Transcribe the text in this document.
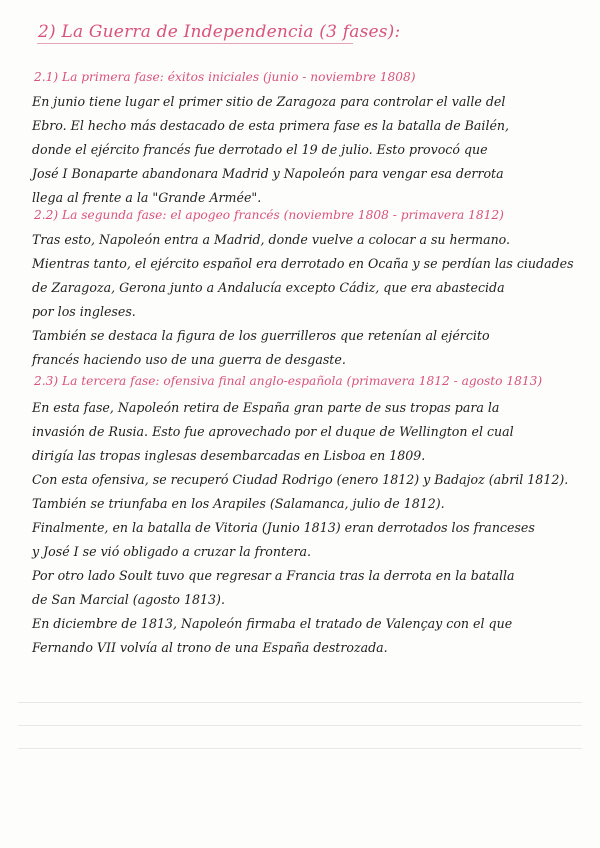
2) La Guerra de Independencia (3 fases):
2.1) La primera fase: éxitos iniciales (junio - noviembre 1808)
En junio tiene lugar el primer sitio de Zaragoza para controlar el valle del
Ebro. El hecho más destacado de esta primera fase es la batalla de Bailén,
donde el ejército francés fue derrotado el 19 de julio. Esto provocó que
José I Bonaparte abandonara Madrid y Napoleón para vengar esa derrota
llega al frente a la "Grande Armée".
2.2) La segunda fase: el apogeo francés (noviembre 1808 - primavera 1812)
Tras esto, Napoleón entra a Madrid, donde vuelve a colocar a su hermano.
Mientras tanto, el ejército español era derrotado en Ocaña y se perdían las ciudades
de Zaragoza, Gerona junto a Andalucía excepto Cádiz, que era abastecida
por los ingleses.
También se destaca la figura de los guerrilleros que retenían al ejército
francés haciendo uso de una guerra de desgaste.
2.3) La tercera fase: ofensiva final anglo-española (primavera 1812 - agosto 1813)
En esta fase, Napoleón retira de España gran parte de sus tropas para la
invasión de Rusia. Esto fue aprovechado por el duque de Wellington el cual
dirigía las tropas inglesas desembarcadas en Lisboa en 1809.
Con esta ofensiva, se recuperó Ciudad Rodrigo (enero 1812) y Badajoz (abril 1812).
También se triunfaba en los Arapiles (Salamanca, julio de 1812).
Finalmente, en la batalla de Vitoria (Junio 1813) eran derrotados los franceses
y José I se vió obligado a cruzar la frontera.
Por otro lado Soult tuvo que regresar a Francia tras la derrota en la batalla
de San Marcial (agosto 1813).
En diciembre de 1813, Napoleón firmaba el tratado de Valençay con el que
Fernando VII volvía al trono de una España destrozada.
